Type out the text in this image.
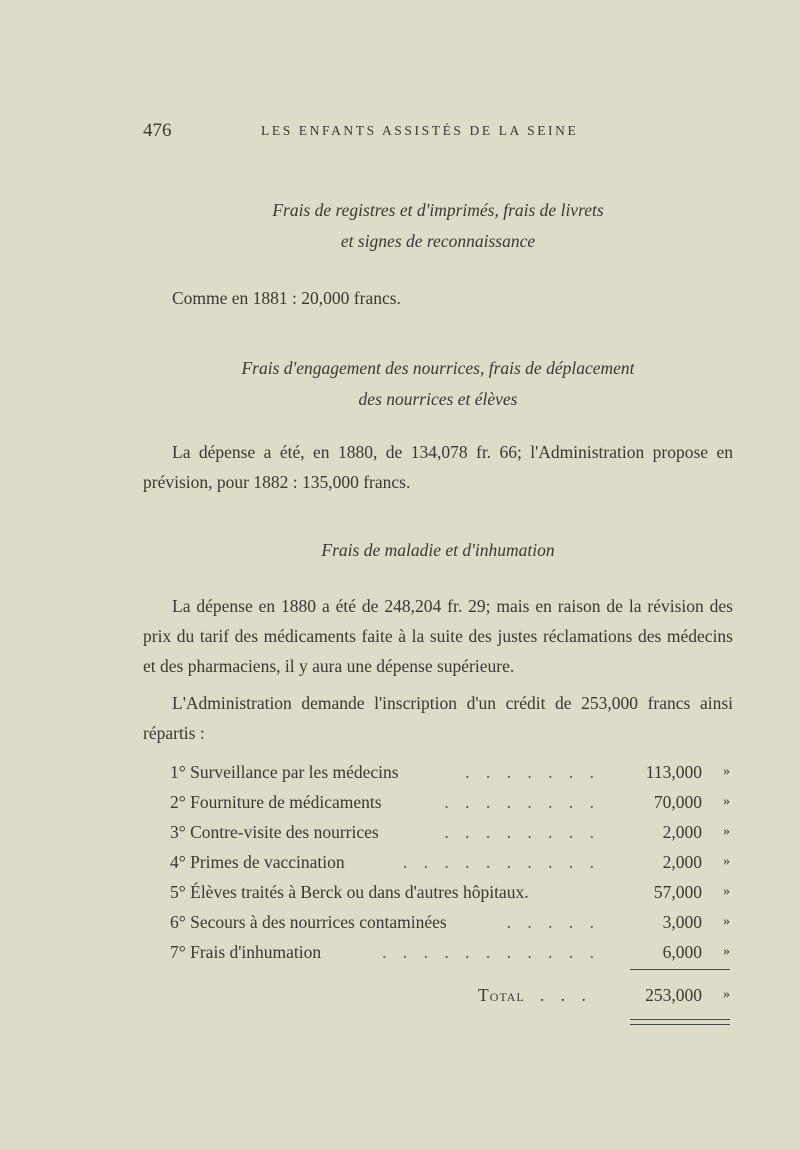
476	LES ENFANTS ASSISTÉS DE LA SEINE
Frais de registres et d'imprimés, frais de livrets
et signes de reconnaissance
Comme en 1881 : 20,000 francs.
Frais d'engagement des nourrices, frais de déplacement
des nourrices et élèves
La dépense a été, en 1880, de 134,078 fr. 66; l'Administration propose en prévision, pour 1882 : 135,000 francs.
Frais de maladie et d'inhumation
La dépense en 1880 a été de 248,204 fr. 29; mais en raison de la révision des prix du tarif des médicaments faite à la suite des justes réclamations des médecins et des pharmaciens, il y aura une dépense supérieure.
L'Administration demande l'inscription d'un crédit de 253,000 francs ainsi répartis :
1° Surveillance par les médecins	. . . . . . .	113,000 »
2° Fourniture de médicaments	. . . . . . . .	70,000 »
3° Contre-visite des nourrices	. . . . . . . .	2,000 »
4° Primes de vaccination	. . . . . . . . . .	2,000 »
5° Élèves traités à Berck ou dans d'autres hôpitaux.	57,000 »
6° Secours à des nourrices contaminées	. . . . .	3,000 »
7° Frais d'inhumation	. . . . . . . . . . .	6,000 »
Total . . .	253,000 »
